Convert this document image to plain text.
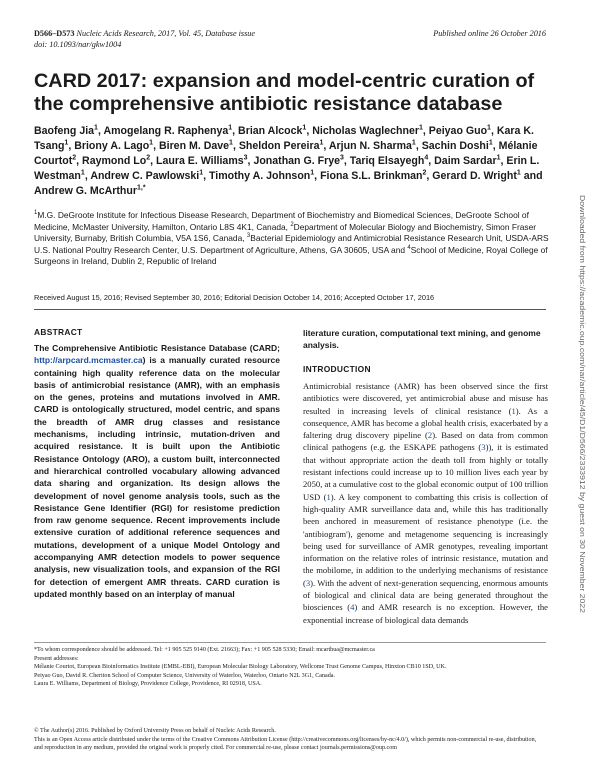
D566–D573 Nucleic Acids Research, 2017, Vol. 45, Database issue
doi: 10.1093/nar/gkw1004
Published online 26 October 2016
CARD 2017: expansion and model-centric curation of the comprehensive antibiotic resistance database
Baofeng Jia$^1$, Amogelang R. Raphenya$^1$, Brian Alcock$^1$, Nicholas Waglechner$^1$, Peiyao Guo$^1$, Kara K. Tsang$^1$, Briony A. Lago$^1$, Biren M. Dave$^1$, Sheldon Pereira$^1$, Arjun N. Sharma$^1$, Sachin Doshi$^1$, Mélanie Courtot$^2$, Raymond Lo$^2$, Laura E. Williams$^3$, Jonathan G. Frye$^3$, Tariq Elsayegh$^4$, Daim Sardar$^1$, Erin L. Westman$^1$, Andrew C. Pawlowski$^1$, Timothy A. Johnson$^1$, Fiona S.L. Brinkman$^2$, Gerard D. Wright$^1$ and Andrew G. McArthur$^{1,*}$
$^1$M.G. DeGroote Institute for Infectious Disease Research, Department of Biochemistry and Biomedical Sciences, DeGroote School of Medicine, McMaster University, Hamilton, Ontario L8S 4K1, Canada, $^2$Department of Molecular Biology and Biochemistry, Simon Fraser University, Burnaby, British Columbia, V5A 1S6, Canada, $^3$Bacterial Epidemiology and Antimicrobial Resistance Research Unit, USDA-ARS U.S. National Poultry Research Center, U.S. Department of Agriculture, Athens, GA 30605, USA and $^4$School of Medicine, Royal College of Surgeons in Ireland, Dublin 2, Republic of Ireland
Received August 15, 2016; Revised September 30, 2016; Editorial Decision October 14, 2016; Accepted October 17, 2016
ABSTRACT
The Comprehensive Antibiotic Resistance Database (CARD; http://arpcard.mcmaster.ca) is a manually curated resource containing high quality reference data on the molecular basis of antimicrobial resistance (AMR), with an emphasis on the genes, proteins and mutations involved in AMR. CARD is ontologically structured, model centric, and spans the breadth of AMR drug classes and resistance mechanisms, including intrinsic, mutation-driven and acquired resistance. It is built upon the Antibiotic Resistance Ontology (ARO), a custom built, interconnected and hierarchical controlled vocabulary allowing advanced data sharing and organization. Its design allows the development of novel genome analysis tools, such as the Resistance Gene Identifier (RGI) for resistome prediction from raw genome sequence. Recent improvements include extensive curation of additional reference sequences and mutations, development of a unique Model Ontology and accompanying AMR detection models to power sequence analysis, new visualization tools, and expansion of the RGI for detection of emergent AMR threats. CARD curation is updated monthly based on an interplay of manual
literature curation, computational text mining, and genome analysis.
INTRODUCTION
Antimicrobial resistance (AMR) has been observed since the first antibiotics were discovered, yet antimicrobial abuse and misuse has resulted in increasing levels of clinical resistance (1). As a consequence, AMR has become a global health crisis, exacerbated by a faltering drug discovery pipeline (2). Based on data from common clinical pathogens (e.g. the ESKAPE pathogens (3)), it is estimated that without appropriate action the death toll from highly or totally resistant infections could increase up to 10 million lives each year by 2050, at a cumulative cost to the global economic output of 100 trillion USD (1). A key component to combatting this crisis is collection of high-quality AMR surveillance data and, while this has traditionally been anchored in measurement of resistance phenotype (i.e. the 'antibiogram'), genome and metagenome sequencing is increasingly being used for surveillance of AMR genotypes, revealing important information on the relative roles of intrinsic resistance, mutation and the mobilome, in addition to the underlying mechanisms of resistance (3). With the advent of next-generation sequencing, enormous amounts of biological and clinical data are being generated throughout the biosciences (4) and AMR research is no exception. However, the exponential increase of biological data demands
*To whom correspondence should be addressed. Tel: +1 905 525 9140 (Ext. 21663); Fax: +1 905 528 5330; Email: mcarthua@mcmaster.ca
Present addresses:
Mélanie Courtot, European Bioinformatics Institute (EMBL-EBI), European Molecular Biology Laboratory, Wellcome Trust Genome Campus, Hinxton CB10 1SD, UK.
Peiyao Guo, David R. Cheriton School of Computer Science, University of Waterloo, Waterloo, Ontario N2L 3G1, Canada.
Laura E. Williams, Department of Biology, Providence College, Providence, RI 02918, USA.
© The Author(s) 2016. Published by Oxford University Press on behalf of Nucleic Acids Research.
This is an Open Access article distributed under the terms of the Creative Commons Attribution License (http://creativecommons.org/licenses/by-nc/4.0/), which permits non-commercial re-use, distribution, and reproduction in any medium, provided the original work is properly cited. For commercial re-use, please contact journals.permissions@oup.com
Downloaded from https://academic.oup.com/nar/article/45/D1/D566/2333912 by guest on 30 November 2022
